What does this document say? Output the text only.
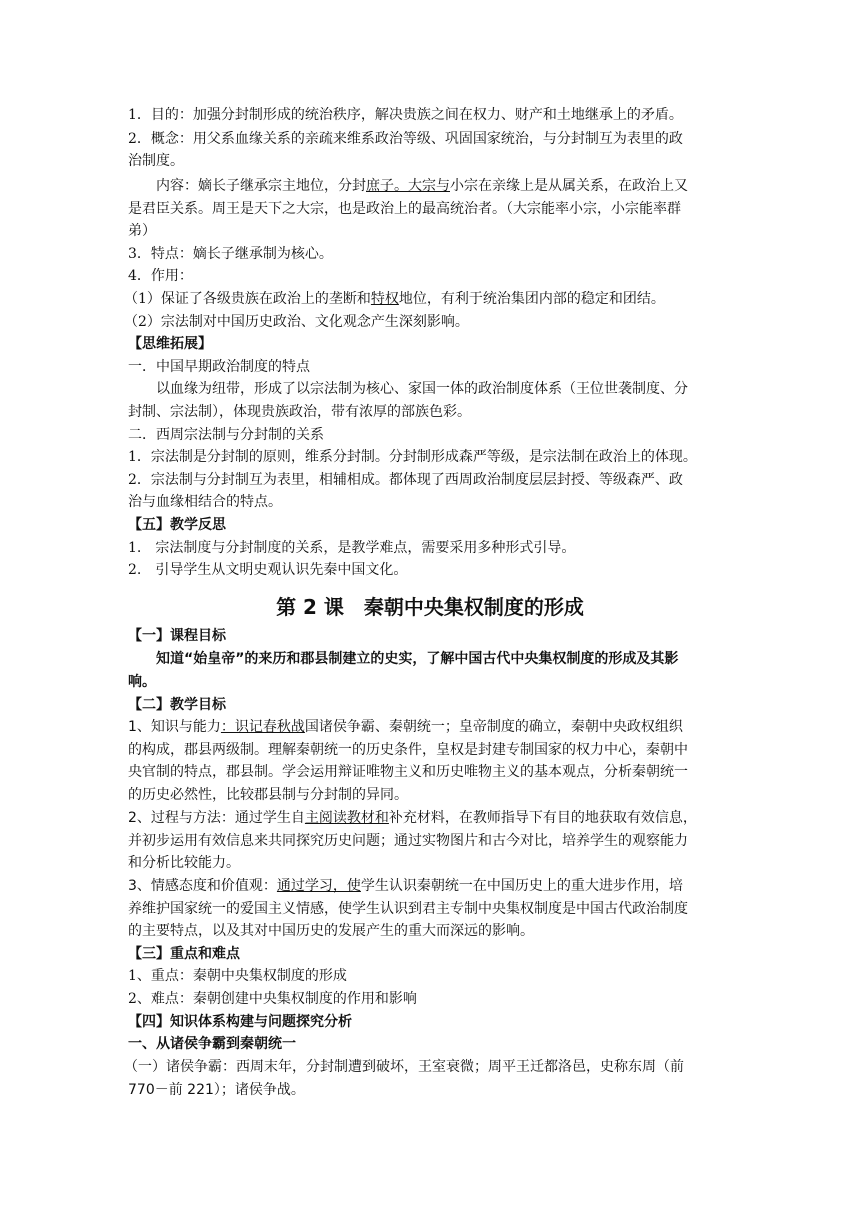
1．目的：加强分封制形成的统治秩序，解决贵族之间在权力、财产和土地继承上的矛盾。
2．概念：用父系血缘关系的亲疏来维系政治等级、巩固国家统治，与分封制互为表里的政
治制度。
内容：嫡长子继承宗主地位，分封庶子。大宗与小宗在亲缘上是从属关系，在政治上又
是君臣关系。周王是天下之大宗，也是政治上的最高统治者。（大宗能率小宗，小宗能率群
弟）
3．特点：嫡长子继承制为核心。
4．作用：
（1）保证了各级贵族在政治上的垄断和特权地位，有利于统治集团内部的稳定和团结。
（2）宗法制对中国历史政治、文化观念产生深刻影响。
【思维拓展】
一．中国早期政治制度的特点
以血缘为纽带，形成了以宗法制为核心、家国一体的政治制度体系（王位世袭制度、分
封制、宗法制），体现贵族政治，带有浓厚的部族色彩。
二．西周宗法制与分封制的关系
1．宗法制是分封制的原则，维系分封制。分封制形成森严等级，是宗法制在政治上的体现。
2．宗法制与分封制互为表里，相辅相成。都体现了西周政治制度层层封授、等级森严、政
治与血缘相结合的特点。
【五】教学反思
1.　宗法制度与分封制度的关系，是教学难点，需要采用多种形式引导。
2.　引导学生从文明史观认识先秦中国文化。
第 2 课　秦朝中央集权制度的形成
【一】课程目标
知道“始皇帝”的来历和郡县制建立的史实，了解中国古代中央集权制度的形成及其影
响。
【二】教学目标
1、知识与能力：识记春秋战国诸侯争霸、秦朝统一；皇帝制度的确立，秦朝中央政权组织
的构成，郡县两级制。理解秦朝统一的历史条件，皇权是封建专制国家的权力中心，秦朝中
央官制的特点，郡县制。学会运用辩证唯物主义和历史唯物主义的基本观点，分析秦朝统一
的历史必然性，比较郡县制与分封制的异同。
2、过程与方法：通过学生自主阅读教材和补充材料，在教师指导下有目的地获取有效信息，
并初步运用有效信息来共同探究历史问题；通过实物图片和古今对比，培养学生的观察能力
和分析比较能力。
3、情感态度和价值观：通过学习，使学生认识秦朝统一在中国历史上的重大进步作用，培
养维护国家统一的爱国主义情感，使学生认识到君主专制中央集权制度是中国古代政治制度
的主要特点，以及其对中国历史的发展产生的重大而深远的影响。
【三】重点和难点
1、重点：秦朝中央集权制度的形成
2、难点：秦朝创建中央集权制度的作用和影响
【四】知识体系构建与问题探究分析
一、从诸侯争霸到秦朝统一
（一）诸侯争霸：西周末年，分封制遭到破坏，王室衰微；周平王迁都洛邑，史称东周（前
770－前 221）；诸侯争战。
